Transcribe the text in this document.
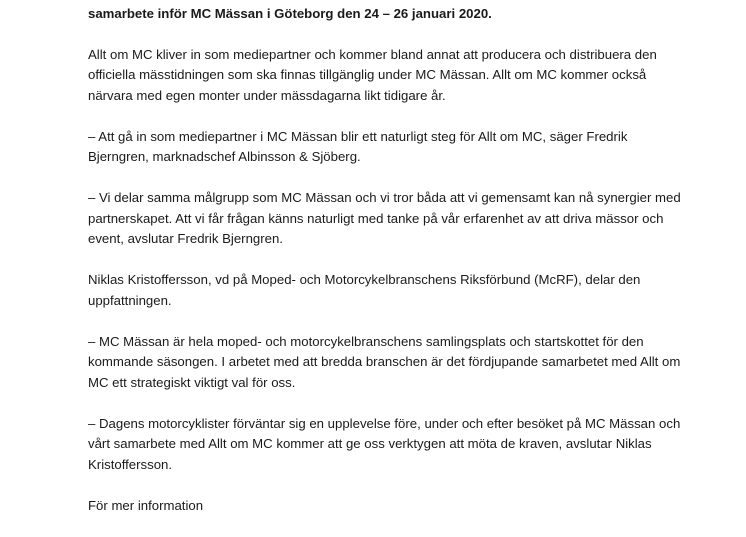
samarbete inför MC Mässan i Göteborg den 24 – 26 januari 2020.

Allt om MC kliver in som mediepartner och kommer bland annat att producera och distribuera den
officiella mässtidningen som ska finnas tillgänglig under MC Mässan. Allt om MC kommer också
närvara med egen monter under mässdagarna likt tidigare år.

– Att gå in som mediepartner i MC Mässan blir ett naturligt steg för Allt om MC, säger Fredrik
Bjerngren, marknadschef Albinsson & Sjöberg.

– Vi delar samma målgrupp som MC Mässan och vi tror båda att vi gemensamt kan nå synergier med
partnerskapet. Att vi får frågan känns naturligt med tanke på vår erfarenhet av att driva mässor och
event, avslutar Fredrik Bjerngren.

Niklas Kristoffersson, vd på Moped- och Motorcykelbranschens Riksförbund (McRF), delar den
uppfattningen.

– MC Mässan är hela moped- och motorcykelbranschens samlingsplats och startskottet för den
kommande säsongen. I arbetet med att bredda branschen är det fördjupande samarbetet med Allt om
MC ett strategiskt viktigt val för oss.

– Dagens motorcyklister förväntar sig en upplevelse före, under och efter besöket på MC Mässan och
vårt samarbete med Allt om MC kommer att ge oss verktygen att möta de kraven, avslutar Niklas
Kristoffersson.

För mer information
